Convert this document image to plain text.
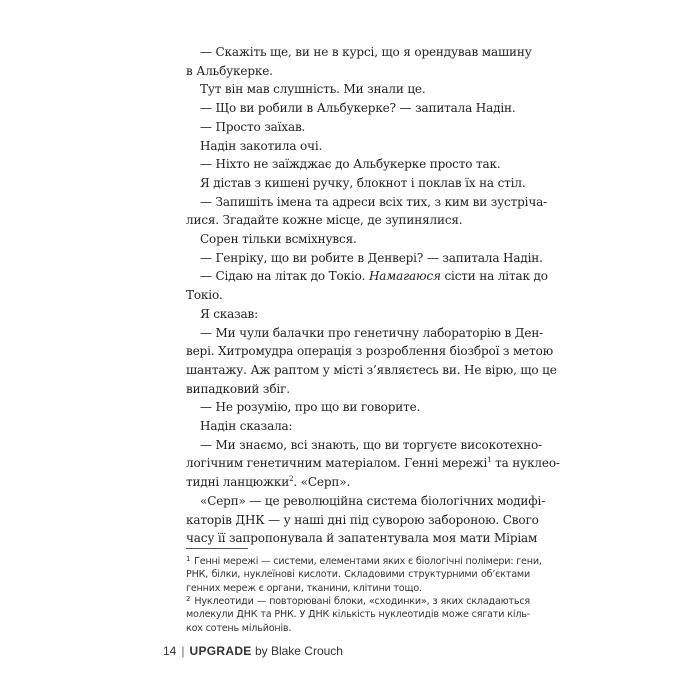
— Скажіть ще, ви не в курсі, що я орендував машину
в Альбукерке.
Тут він мав слушність. Ми знали це.
— Що ви робили в Альбукерке? — запитала Надін.
— Просто заїхав.
Надін закотила очі.
— Ніхто не заїжджає до Альбукерке просто так.
Я дістав з кишені ручку, блокнот і поклав їх на стіл.
— Запишіть імена та адреси всіх тих, з ким ви зустріча-
лися. Згадайте кожне місце, де зупинялися.
Сорен тільки всміхнувся.
— Генріку, що ви робите в Денвері? — запитала Надін.
— Сідаю на літак до Токіо. Намагаюся сісти на літак до
Токіо.
Я сказав:
— Ми чули балачки про генетичну лабораторію в Ден-
вері. Хитромудра операція з розроблення біозброї з метою
шантажу. Аж раптом у місті з’являєтесь ви. Не вірю, що це
випадковий збіг.
— Не розумію, про що ви говорите.
Надін сказала:
— Ми знаємо, всі знають, що ви торгуєте високотехно-
логічним генетичним матеріалом. Генні мережі$^1$ та нуклео-
тидні ланцюжки$^2$. «Серп».
«Серп» — це революційна система біологічних модифі-
каторів ДНК — у наші дні під суворою забороною. Свого
часу її запропонувала й запатентувала моя мати Міріам
$^1$ Генні мережі — системи, елементами яких є біологічні полімери: гени,
РНК, білки, нуклеїнові кислоти. Складовими структурними об’єктами
генних мереж є органи, тканини, клітини тощо.
$^2$ Нуклеотиди — повторювані блоки, «сходинки», з яких складаються
молекули ДНК та РНК. У ДНК кількість нуклеотидів може сягати кіль-
кох сотень мільйонів.
14 | UPGRADE by Blake Crouch
